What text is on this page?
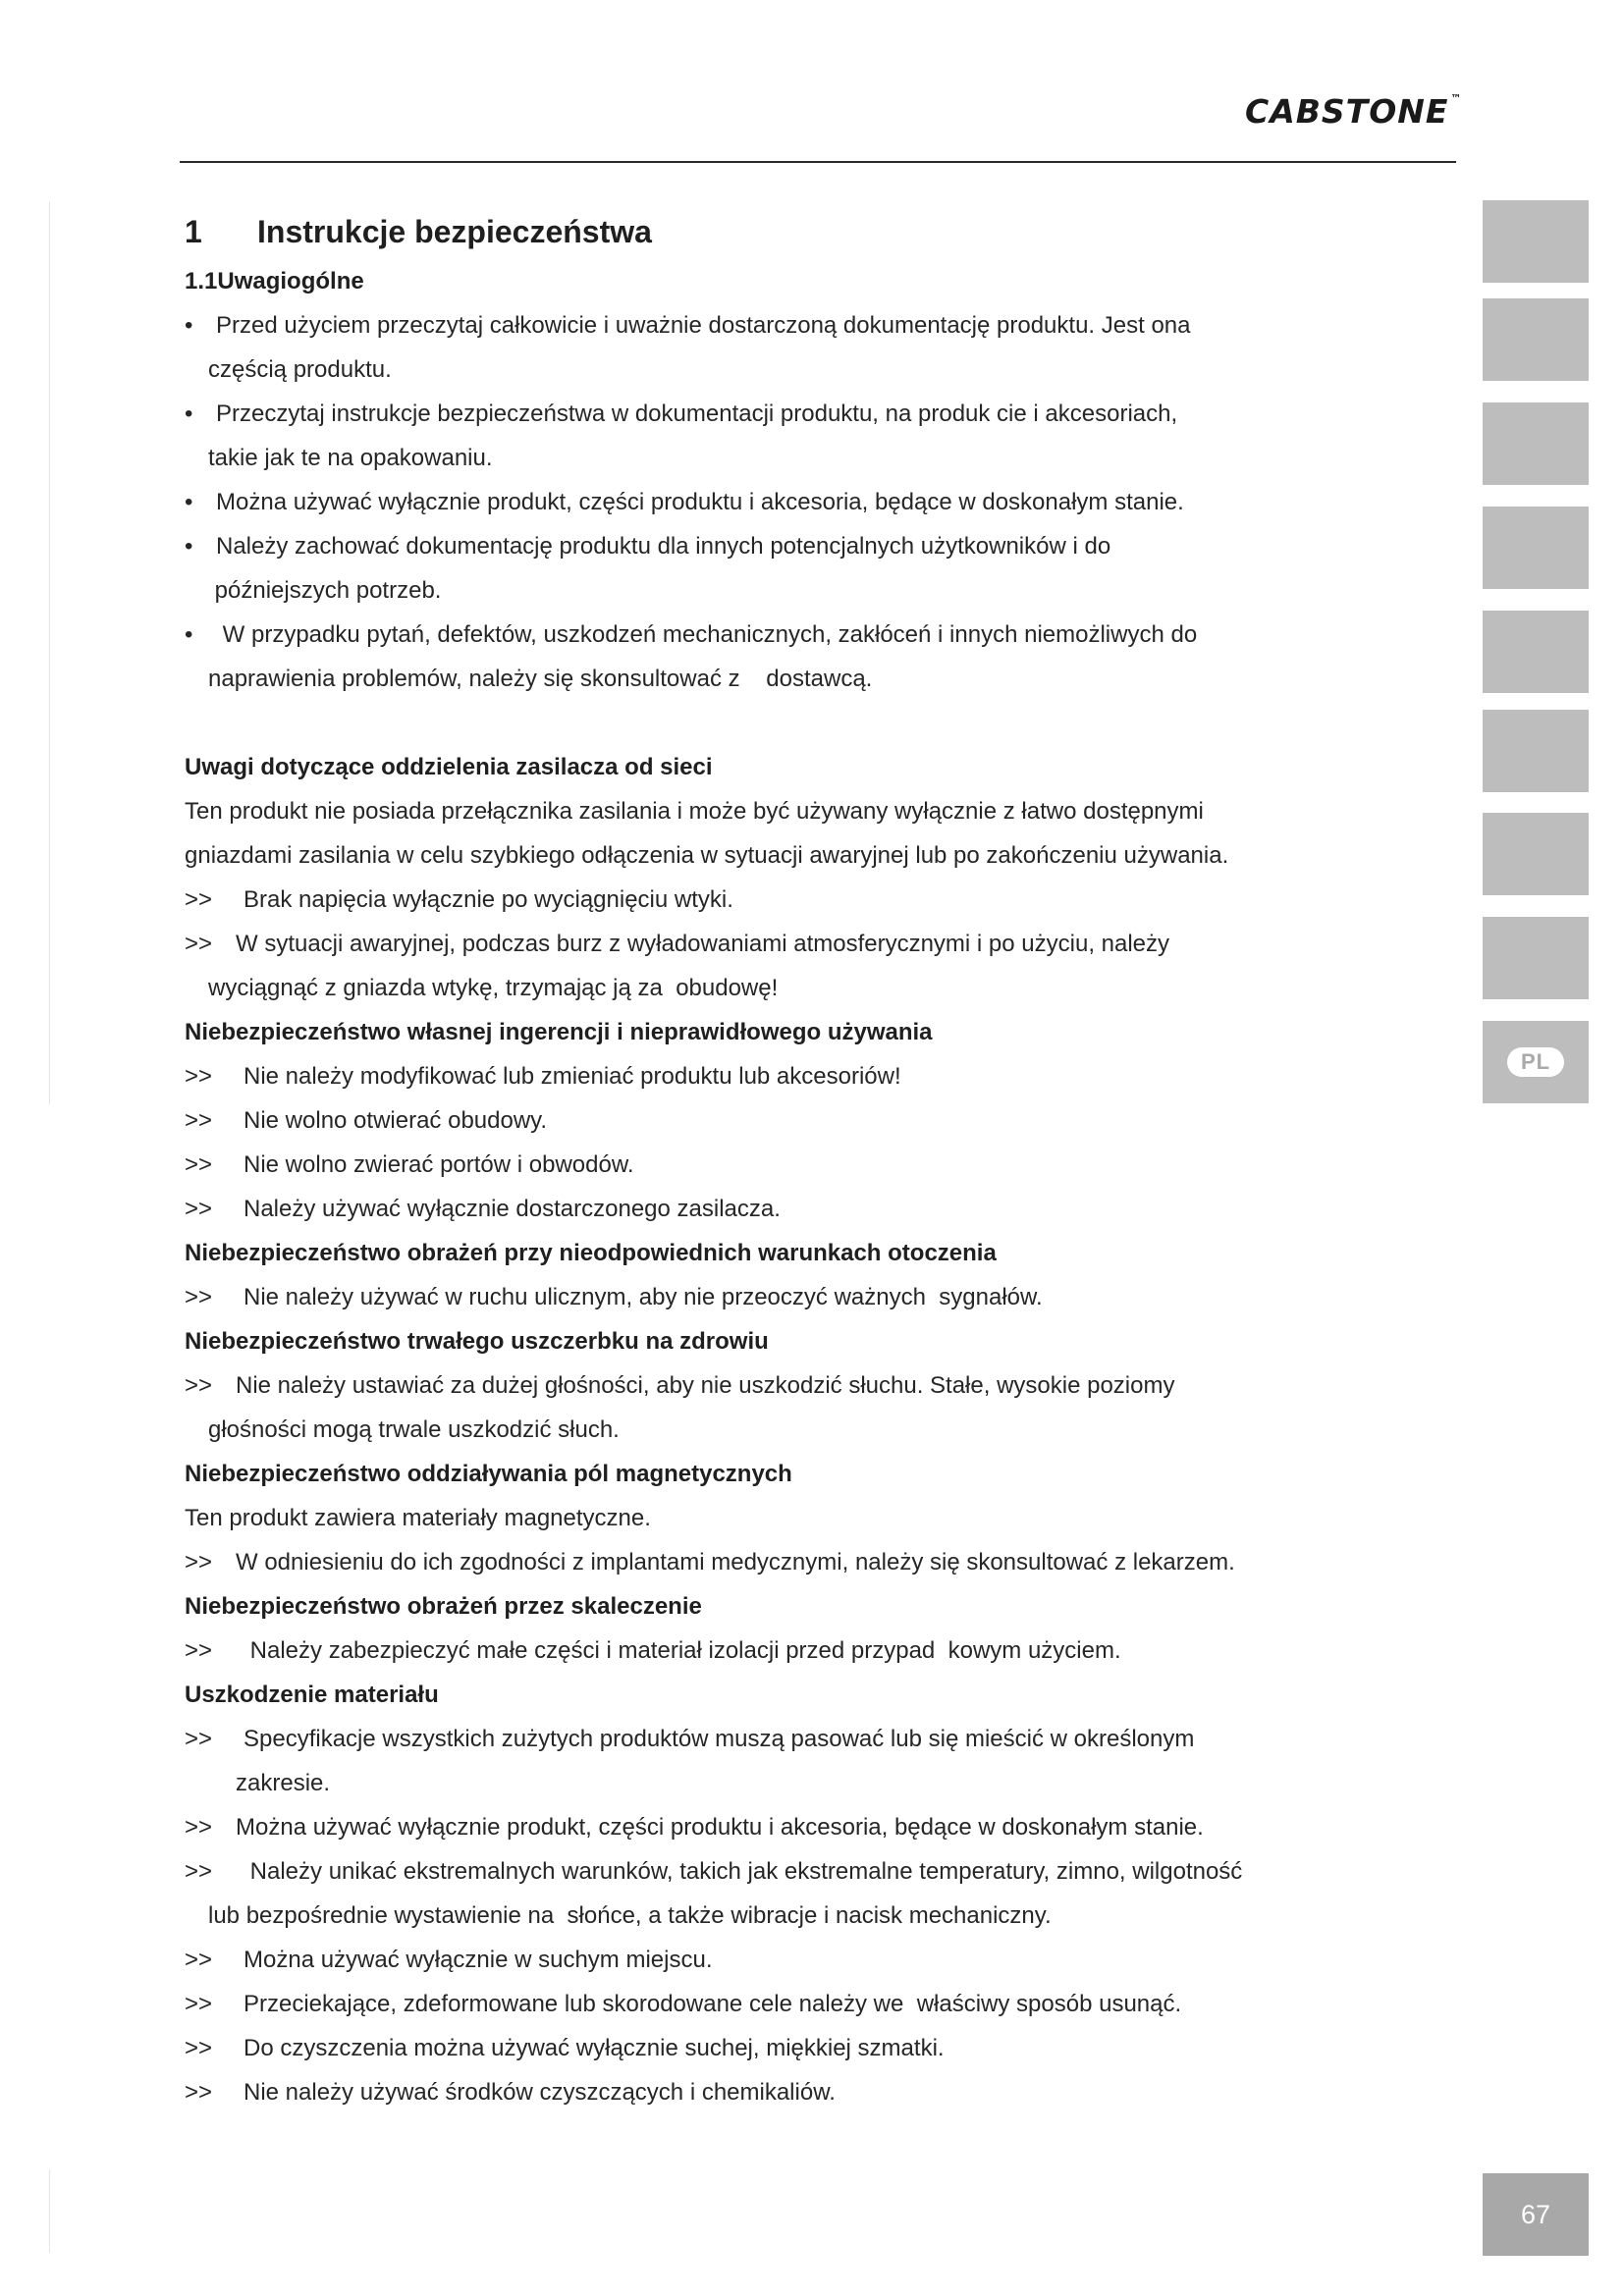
CABSTONE ™
PL
1 Instrukcje bezpieczeństwa
1.1Uwagiogólne
• Przed użyciem przeczytaj całkowicie i uważnie dostarczoną dokumentację produktu. Jest ona
częścią produktu.
• Przeczytaj instrukcje bezpieczeństwa w dokumentacji produktu, na produk cie i akcesoriach,
takie jak te na opakowaniu.
• Można używać wyłącznie produkt, części produktu i akcesoria, będące w doskonałym stanie.
• Należy zachować dokumentację produktu dla innych potencjalnych użytkowników i do
późniejszych potrzeb.
• W przypadku pytań, defektów, uszkodzeń mechanicznych, zakłóceń i innych niemożliwych do
naprawienia problemów, należy się skonsultować z    dostawcą.
Uwagi dotyczące oddzielenia zasilacza od sieci
Ten produkt nie posiada przełącznika zasilania i może być używany wyłącznie z łatwo dostępnymi
gniazdami zasilania w celu szybkiego odłączenia w sytuacji awaryjnej lub po zakończeniu używania.
>> Brak napięcia wyłącznie po wyciągnięciu wtyki.
>> W sytuacji awaryjnej, podczas burz z wyładowaniami atmosferycznymi i po użyciu, należy
wyciągnąć z gniazda wtykę, trzymając ją za  obudowę!
Niebezpieczeństwo własnej ingerencji i nieprawidłowego używania
>> Nie należy modyfikować lub zmieniać produktu lub akcesoriów!
>> Nie wolno otwierać obudowy.
>> Nie wolno zwierać portów i obwodów.
>> Należy używać wyłącznie dostarczonego zasilacza.
Niebezpieczeństwo obrażeń przy nieodpowiednich warunkach otoczenia
>> Nie należy używać w ruchu ulicznym, aby nie przeoczyć ważnych  sygnałów.
Niebezpieczeństwo trwałego uszczerbku na zdrowiu
>> Nie należy ustawiać za dużej głośności, aby nie uszkodzić słuchu. Stałe, wysokie poziomy
głośności mogą trwale uszkodzić słuch.
Niebezpieczeństwo oddziaływania pól magnetycznych
Ten produkt zawiera materiały magnetyczne.
>> W odniesieniu do ich zgodności z implantami medycznymi, należy się skonsultować z lekarzem.
Niebezpieczeństwo obrażeń przez skaleczenie
>> Należy zabezpieczyć małe części i materiał izolacji przed przypad  kowym użyciem.
Uszkodzenie materiału
>> Specyfikacje wszystkich zużytych produktów muszą pasować lub się mieścić w określonym
zakresie.
>> Można używać wyłącznie produkt, części produktu i akcesoria, będące w doskonałym stanie.
>> Należy unikać ekstremalnych warunków, takich jak ekstremalne temperatury, zimno, wilgotność
lub bezpośrednie wystawienie na  słońce, a także wibracje i nacisk mechaniczny.
>> Można używać wyłącznie w suchym miejscu.
>> Przeciekające, zdeformowane lub skorodowane cele należy we  właściwy sposób usunąć.
>> Do czyszczenia można używać wyłącznie suchej, miękkiej szmatki.
>> Nie należy używać środków czyszczących i chemikaliów.
67
